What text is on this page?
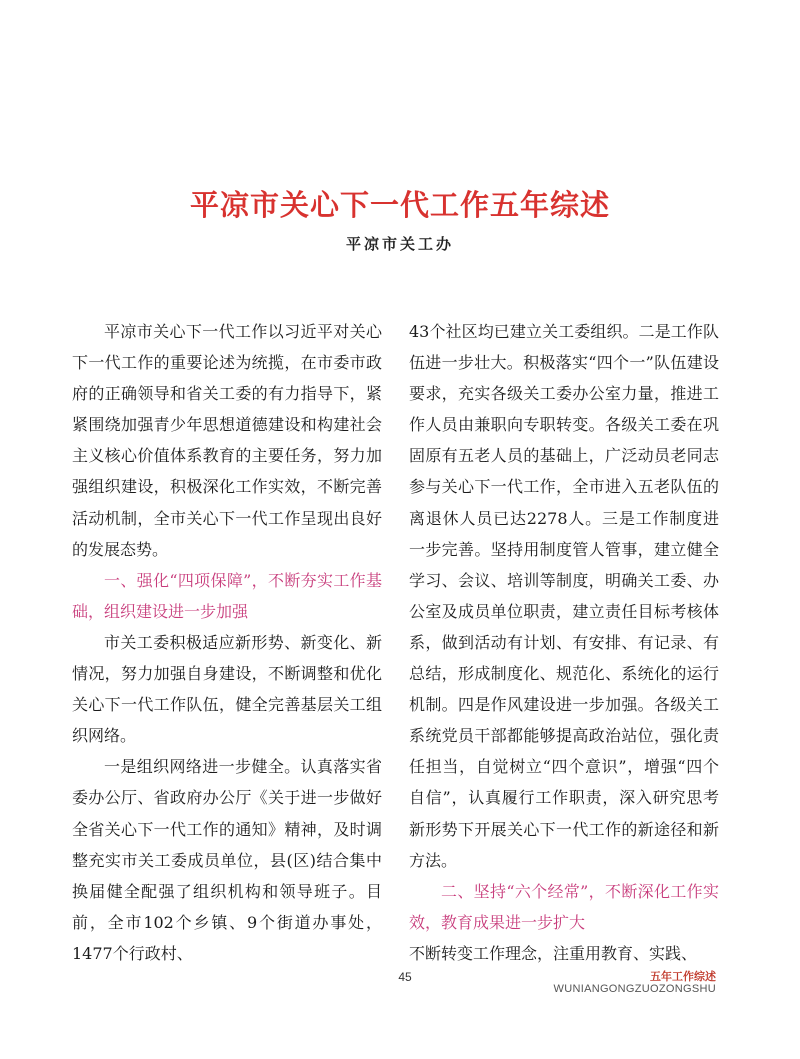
平凉市关心下一代工作五年综述
平凉市关工办

平凉市关心下一代工作以习近平对关心下一代工作的重要论述为统揽，在市委市政府的正确领导和省关工委的有力指导下，紧紧围绕加强青少年思想道德建设和构建社会主义核心价值体系教育的主要任务，努力加强组织建设，积极深化工作实效，不断完善活动机制，全市关心下一代工作呈现出良好的发展态势。

一、强化“四项保障”，不断夯实工作基础，组织建设进一步加强

市关工委积极适应新形势、新变化、新情况，努力加强自身建设，不断调整和优化关心下一代工作队伍，健全完善基层关工组织网络。

一是组织网络进一步健全。认真落实省委办公厅、省政府办公厅《关于进一步做好全省关心下一代工作的通知》精神，及时调整充实市关工委成员单位，县(区)结合集中换届健全配强了组织机构和领导班子。目前，全市102个乡镇、9个街道办事处，1477个行政村、

43个社区均已建立关工委组织。二是工作队伍进一步壮大。积极落实“四个一”队伍建设要求，充实各级关工委办公室力量，推进工作人员由兼职向专职转变。各级关工委在巩固原有五老人员的基础上，广泛动员老同志参与关心下一代工作，全市进入五老队伍的离退休人员已达2278人。三是工作制度进一步完善。坚持用制度管人管事，建立健全学习、会议、培训等制度，明确关工委、办公室及成员单位职责，建立责任目标考核体系，做到活动有计划、有安排、有记录、有总结，形成制度化、规范化、系统化的运行机制。四是作风建设进一步加强。各级关工系统党员干部都能够提高政治站位，强化责任担当，自觉树立“四个意识”，增强“四个自信”，认真履行工作职责，深入研究思考新形势下开展关心下一代工作的新途径和新方法。

二、坚持“六个经常”，不断深化工作实效，教育成果进一步扩大

不断转变工作理念，注重用教育、实践、

45	五年工作综述
WUNIANGONGZUOZONGSHU
